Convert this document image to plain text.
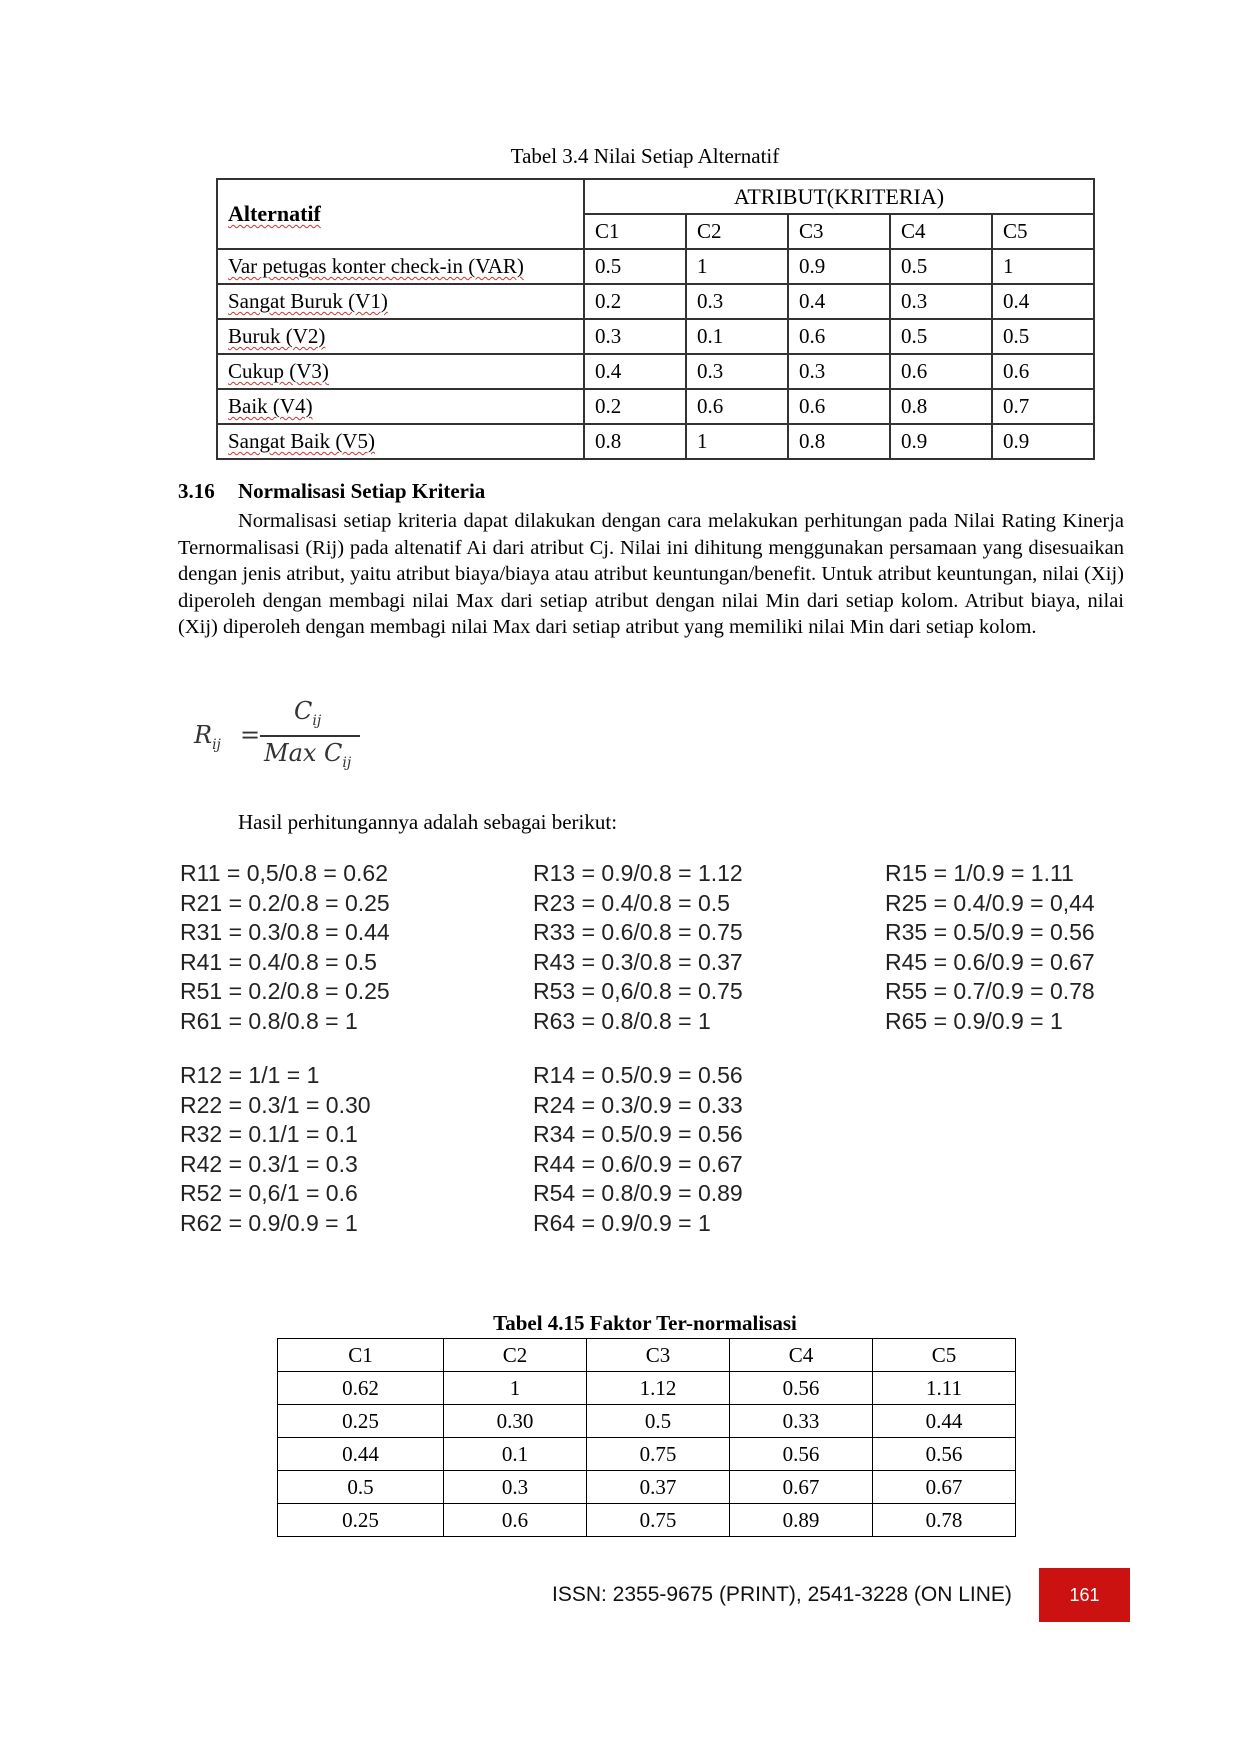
Tabel 3.4 Nilai Setiap Alternatif
Alternatif	ATRIBUT(KRITERIA)				
	C1	C2	C3	C4	C5
Var petugas konter check-in (VAR)	0.5	1	0.9	0.5	1
Sangat Buruk (V1)	0.2	0.3	0.4	0.3	0.4
Buruk (V2)	0.3	0.1	0.6	0.5	0.5
Cukup (V3)	0.4	0.3	0.3	0.6	0.6
Baik (V4)	0.2	0.6	0.6	0.8	0.7
Sangat Baik (V5)	0.8	1	0.8	0.9	0.9
3.16 Normalisasi Setiap Kriteria
Normalisasi setiap kriteria dapat dilakukan dengan cara melakukan perhitungan pada Nilai Rating Kinerja Ternormalisasi (Rij) pada altenatif Ai dari atribut Cj. Nilai ini dihitung menggunakan persamaan yang disesuaikan dengan jenis atribut, yaitu atribut biaya/biaya atau atribut keuntungan/benefit. Untuk atribut keuntungan, nilai (Xij) diperoleh dengan membagi nilai Max dari setiap atribut dengan nilai Min dari setiap kolom. Atribut biaya, nilai (Xij) diperoleh dengan membagi nilai Max dari setiap atribut yang memiliki nilai Min dari setiap kolom.
$R_{ij}$ =
$C_{ij}$
Max $C_{ij}$
Hasil perhitungannya adalah sebagai berikut:
R11 = 0,5/0.8 = 0.62
R21 = 0.2/0.8 = 0.25
R31 = 0.3/0.8 = 0.44
R41 = 0.4/0.8 = 0.5
R51 = 0.2/0.8 = 0.25
R61 = 0.8/0.8 = 1
R13 = 0.9/0.8 = 1.12
R23 = 0.4/0.8 = 0.5
R33 = 0.6/0.8 = 0.75
R43 = 0.3/0.8 = 0.37
R53 = 0,6/0.8 = 0.75
R63 = 0.8/0.8 = 1
R15 = 1/0.9 = 1.11
R25 = 0.4/0.9 = 0,44
R35 = 0.5/0.9 = 0.56
R45 = 0.6/0.9 = 0.67
R55 = 0.7/0.9 = 0.78
R65 = 0.9/0.9 = 1
R12 = 1/1 = 1
R22 = 0.3/1 = 0.30
R32 = 0.1/1 = 0.1
R42 = 0.3/1 = 0.3
R52 = 0,6/1 = 0.6
R62 = 0.9/0.9 = 1
R14 = 0.5/0.9 = 0.56
R24 = 0.3/0.9 = 0.33
R34 = 0.5/0.9 = 0.56
R44 = 0.6/0.9 = 0.67
R54 = 0.8/0.9 = 0.89
R64 = 0.9/0.9 = 1
Tabel 4.15 Faktor Ter-normalisasi
C1	C2	C3	C4	C5
0.62	1	1.12	0.56	1.11
0.25	0.30	0.5	0.33	0.44
0.44	0.1	0.75	0.56	0.56
0.5	0.3	0.37	0.67	0.67
0.25	0.6	0.75	0.89	0.78
ISSN: 2355-9675 (PRINT), 2541-3228 (ON LINE)	161
